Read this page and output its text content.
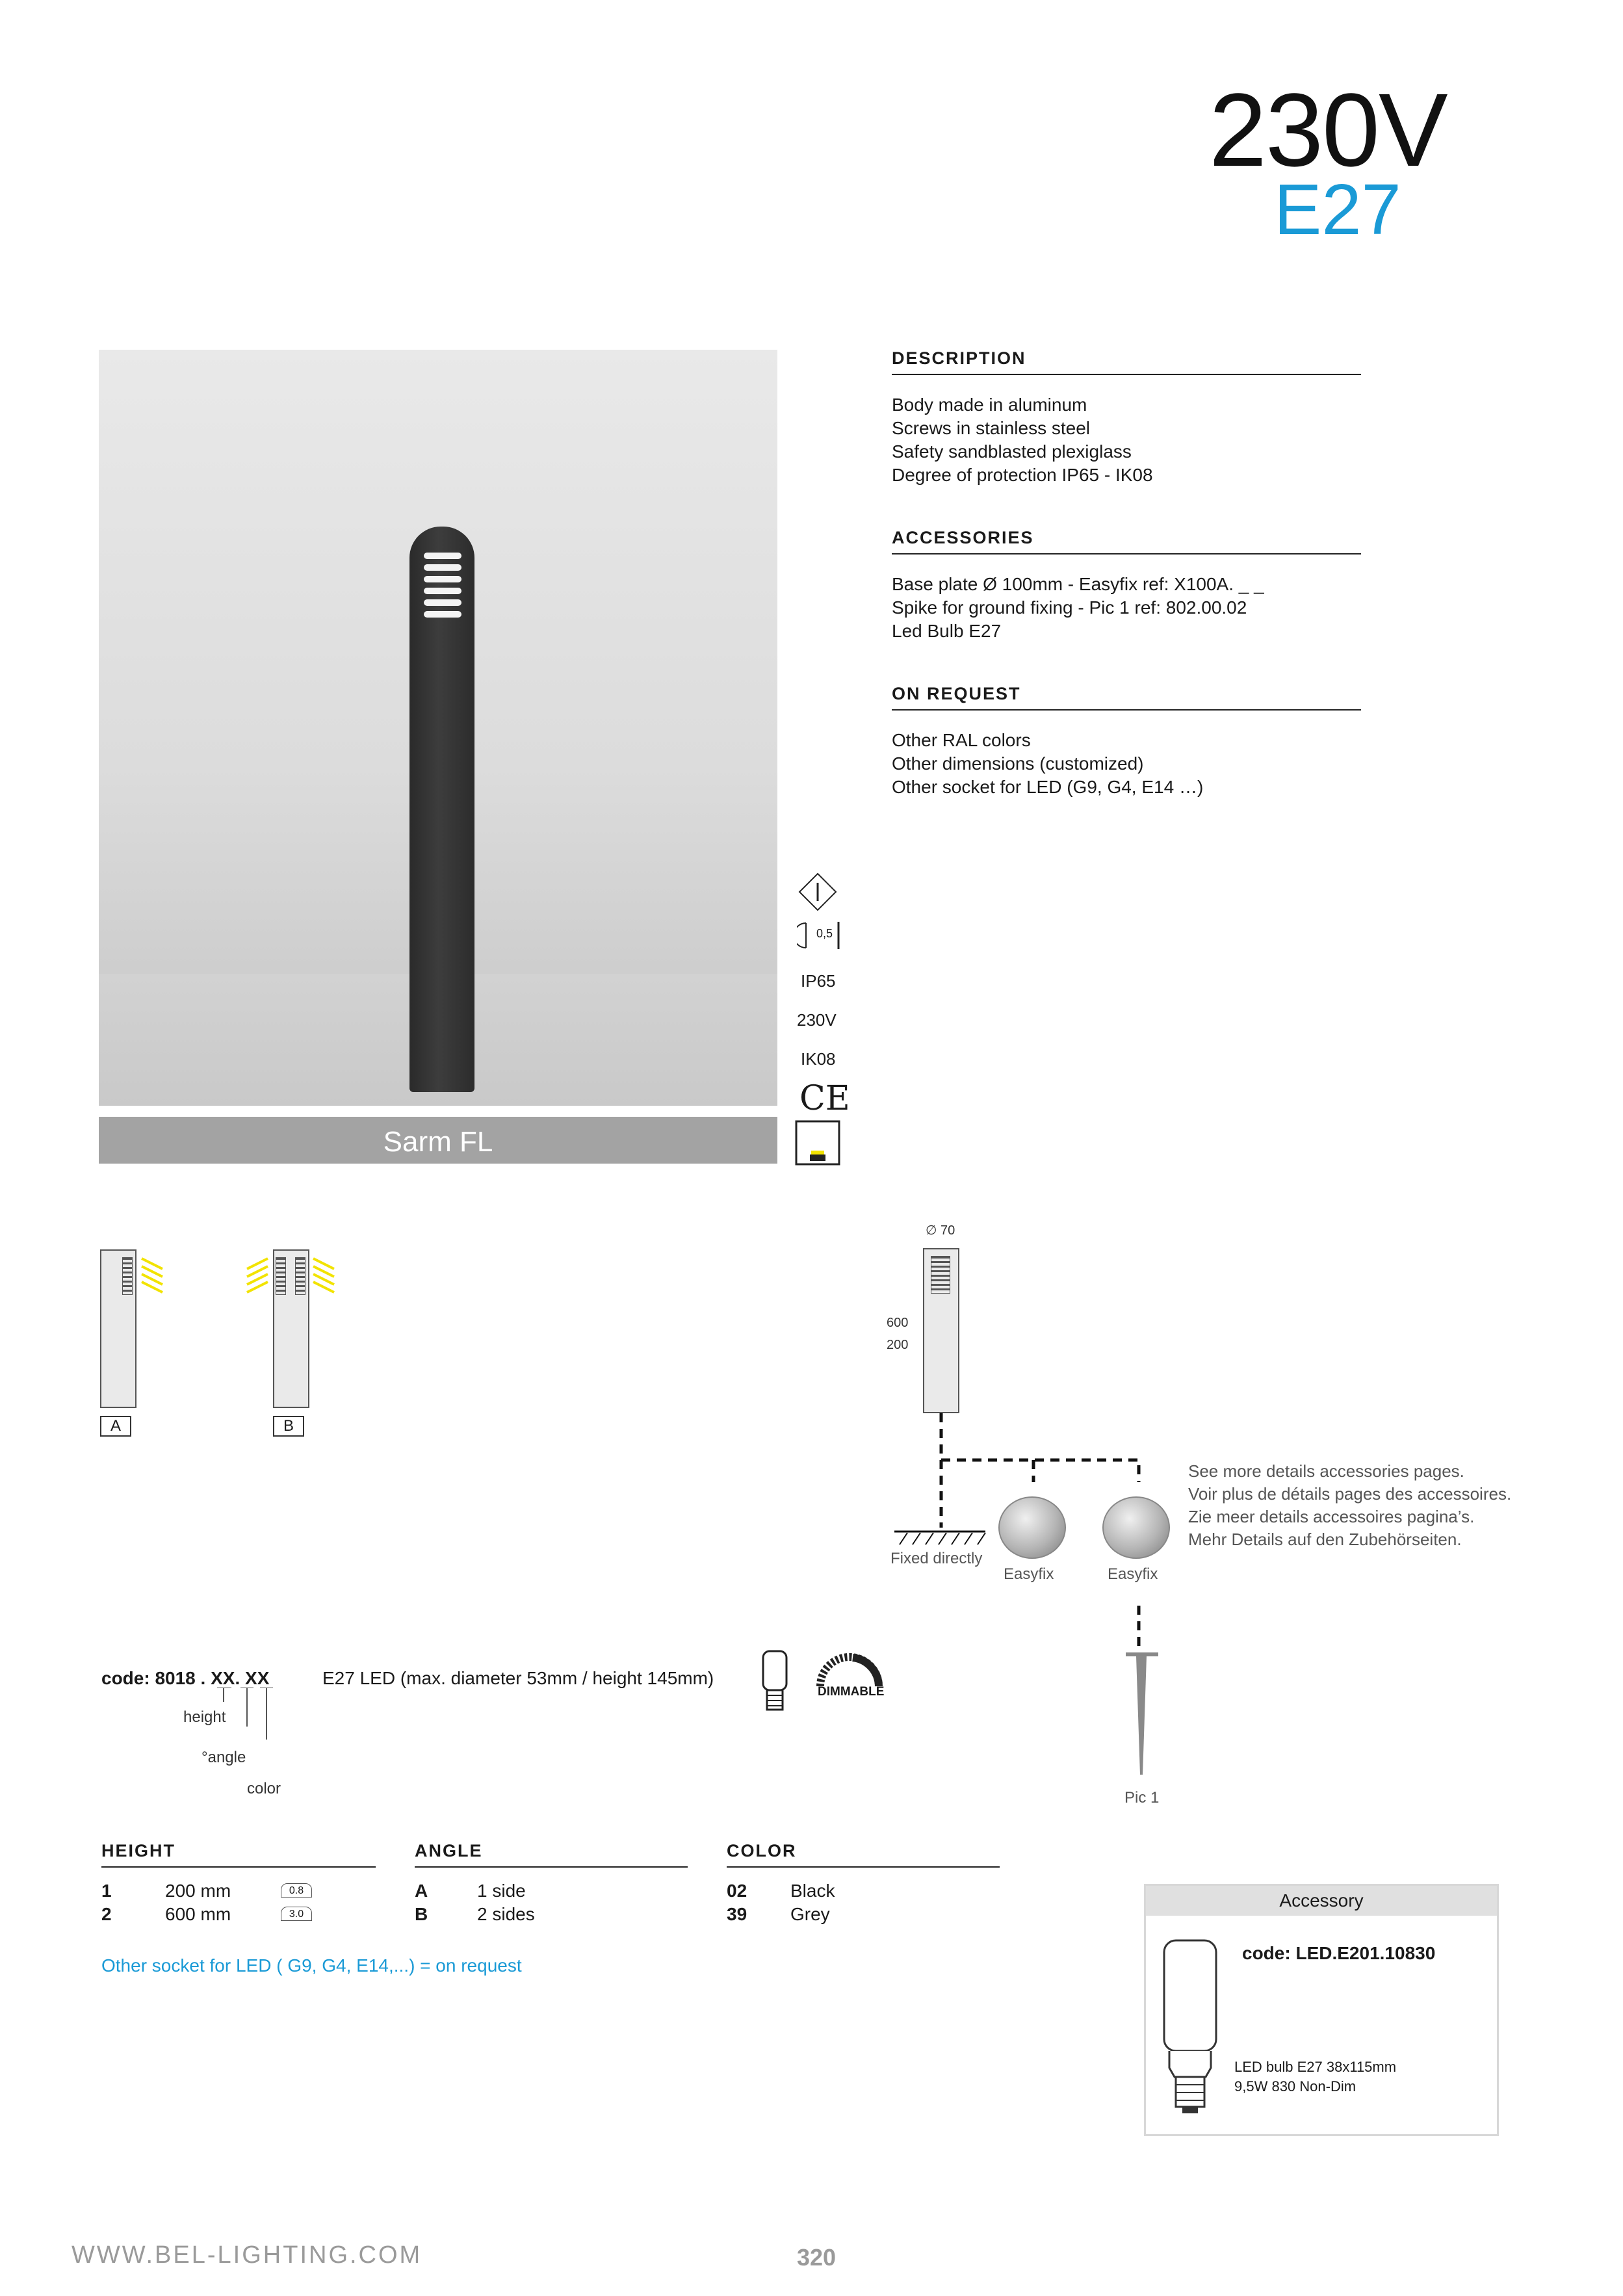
230V
E27
Sarm FL
DESCRIPTION
Body made in aluminum
Screws in stainless steel
Safety sandblasted plexiglass
Degree of protection IP65 - IK08
ACCESSORIES
Base plate Ø 100mm - Easyfix ref: X100A. _ _
Spike for ground fixing - Pic 1 ref: 802.00.02
Led Bulb E27
ON REQUEST
Other RAL colors
Other dimensions (customized)
Other socket for LED (G9, G4, E14 …)
0,5
IP65
230V
IK08
CE
A	B
∅ 70
600
200
Fixed directly
Easyfix	Easyfix
Pic 1
See more details accessories pages.
Voir plus de détails pages des accessoires.
Zie meer details accessoires pagina’s.
Mehr Details auf den Zubehörseiten.
code: 8018 . XX. XX
height
°angle
color
E27 LED (max. diameter 53mm / height 145mm)
DIMMABLE
HEIGHT
1	200 mm	0.8
2	600 mm	3.0
ANGLE
A	1 side
B	2 sides
COLOR
02 Black
39 Grey
Other socket for LED ( G9, G4, E14,...) = on request
Accessory
code: LED.E201.10830
LED bulb E27 38x115mm
9,5W 830 Non-Dim
WWW.BEL-LIGHTING.COM	320
